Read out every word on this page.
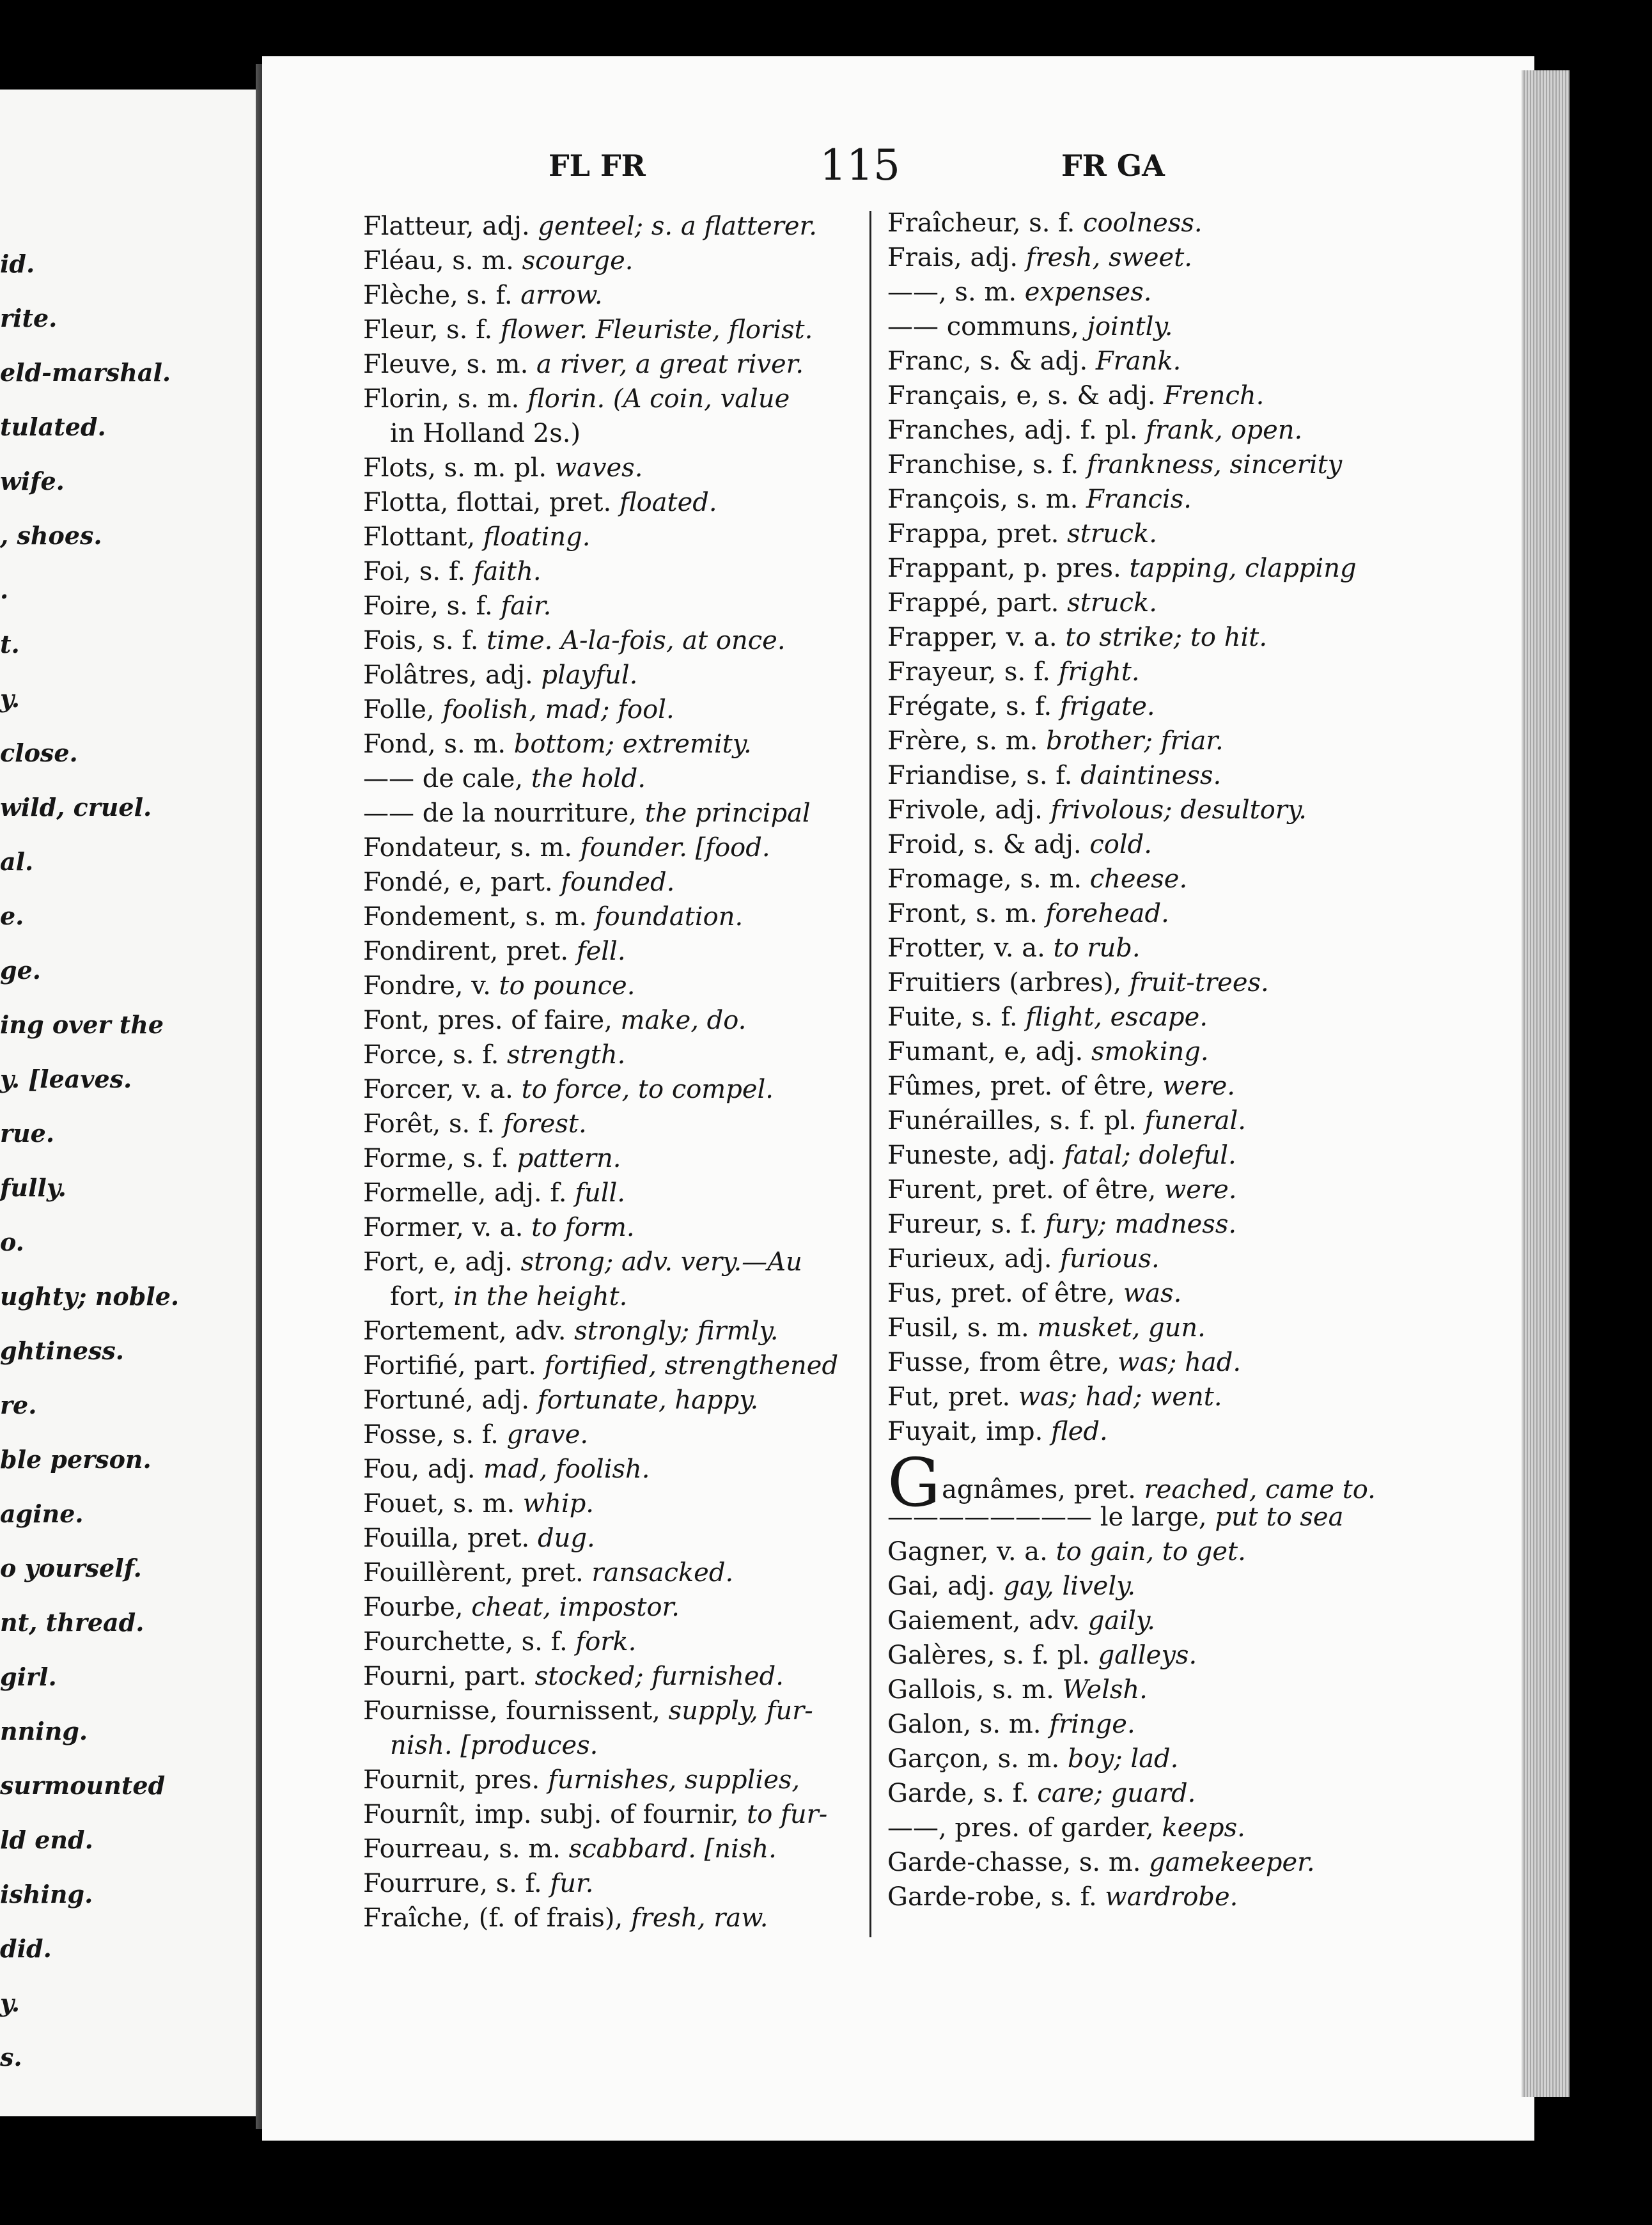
id.
rite.
eld-marshal.
tulated.
wife.
, shoes.
.
t.
y.
close.
wild, cruel.
al.
e.
ge.
ing over the
y. [leaves.
rue.
fully.
o.
ughty; noble.
ghtiness.
re.
ble person.
agine.
o yourself.
nt, thread.
girl.
nning.
surmounted
ld end.
ishing.
did.
y.
s.
FL FR	115	FR GA
Flatteur, adj. genteel; s. a flatterer.
Fléau, s. m. scourge.
Flèche, s. f. arrow.
Fleur, s. f. flower. Fleuriste, florist.
Fleuve, s. m. a river, a great river.
Florin, s. m. florin. (A coin, value
in Holland 2s.)
Flots, s. m. pl. waves.
Flotta, flottai, pret. floated.
Flottant, floating.
Foi, s. f. faith.
Foire, s. f. fair.
Fois, s. f. time. A-la-fois, at once.
Folâtres, adj. playful.
Folle, foolish, mad; fool.
Fond, s. m. bottom; extremity.
—— de cale, the hold.
—— de la nourriture, the principal
Fondateur, s. m. founder. [food.
Fondé, e, part. founded.
Fondement, s. m. foundation.
Fondirent, pret. fell.
Fondre, v. to pounce.
Font, pres. of faire, make, do.
Force, s. f. strength.
Forcer, v. a. to force, to compel.
Forêt, s. f. forest.
Forme, s. f. pattern.
Formelle, adj. f. full.
Former, v. a. to form.
Fort, e, adj. strong; adv. very.—Au
fort, in the height.
Fortement, adv. strongly; firmly.
Fortifié, part. fortified, strengthened
Fortuné, adj. fortunate, happy.
Fosse, s. f. grave.
Fou, adj. mad, foolish.
Fouet, s. m. whip.
Fouilla, pret. dug.
Fouillèrent, pret. ransacked.
Fourbe, cheat, impostor.
Fourchette, s. f. fork.
Fourni, part. stocked; furnished.
Fournisse, fournissent, supply, fur-
nish. [produces.
Fournit, pres. furnishes, supplies,
Fournît, imp. subj. of fournir, to fur-
Fourreau, s. m. scabbard. [nish.
Fourrure, s. f. fur.
Fraîche, (f. of frais), fresh, raw.
Fraîcheur, s. f. coolness.
Frais, adj. fresh, sweet.
——, s. m. expenses.
—— communs, jointly.
Franc, s. & adj. Frank.
Français, e, s. & adj. French.
Franches, adj. f. pl. frank, open.
Franchise, s. f. frankness, sincerity
François, s. m. Francis.
Frappa, pret. struck.
Frappant, p. pres. tapping, clapping
Frappé, part. struck.
Frapper, v. a. to strike; to hit.
Frayeur, s. f. fright.
Frégate, s. f. frigate.
Frère, s. m. brother; friar.
Friandise, s. f. daintiness.
Frivole, adj. frivolous; desultory.
Froid, s. & adj. cold.
Fromage, s. m. cheese.
Front, s. m. forehead.
Frotter, v. a. to rub.
Fruitiers (arbres), fruit-trees.
Fuite, s. f. flight, escape.
Fumant, e, adj. smoking.
Fûmes, pret. of être, were.
Funérailles, s. f. pl. funeral.
Funeste, adj. fatal; doleful.
Furent, pret. of être, were.
Fureur, s. f. fury; madness.
Furieux, adj. furious.
Fus, pret. of être, was.
Fusil, s. m. musket, gun.
Fusse, from être, was; had.
Fut, pret. was; had; went.
Fuyait, imp. fled.
Gagnâmes, pret. reached, came to.
———————— le large, put to sea
Gagner, v. a. to gain, to get.
Gai, adj. gay, lively.
Gaiement, adv. gaily.
Galères, s. f. pl. galleys.
Gallois, s. m. Welsh.
Galon, s. m. fringe.
Garçon, s. m. boy; lad.
Garde, s. f. care; guard.
——, pres. of garder, keeps.
Garde-chasse, s. m. gamekeeper.
Garde-robe, s. f. wardrobe.
